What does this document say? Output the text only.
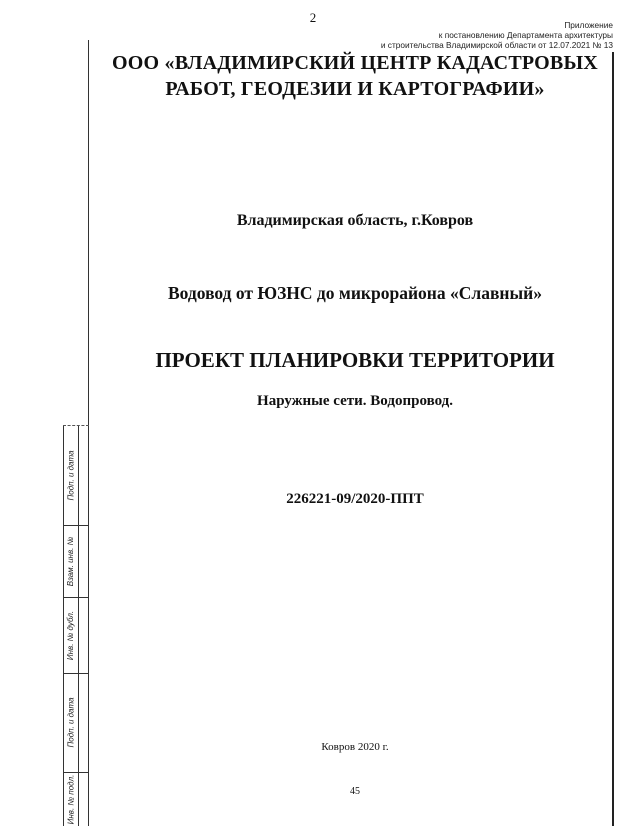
2	Приложение
к постановлению Департамента архитектуры
и строительства Владимирской области от 12.07.2021 № 13
ООО «ВЛАДИМИРСКИЙ ЦЕНТР КАДАСТРОВЫХ
РАБОТ, ГЕОДЕЗИИ И КАРТОГРАФИИ»
Владимирская область, г.Ковров
Водовод от ЮЗНС до микрорайона «Славный»
ПРОЕКТ ПЛАНИРОВКИ ТЕРРИТОРИИ
Наружные сети. Водопровод.
226221-09/2020-ППТ
Ковров 2020 г.
45
Подп. и дата
Взам. инв. №
Инв. № дубл.
Подп. и дата
Инв. № подл.
